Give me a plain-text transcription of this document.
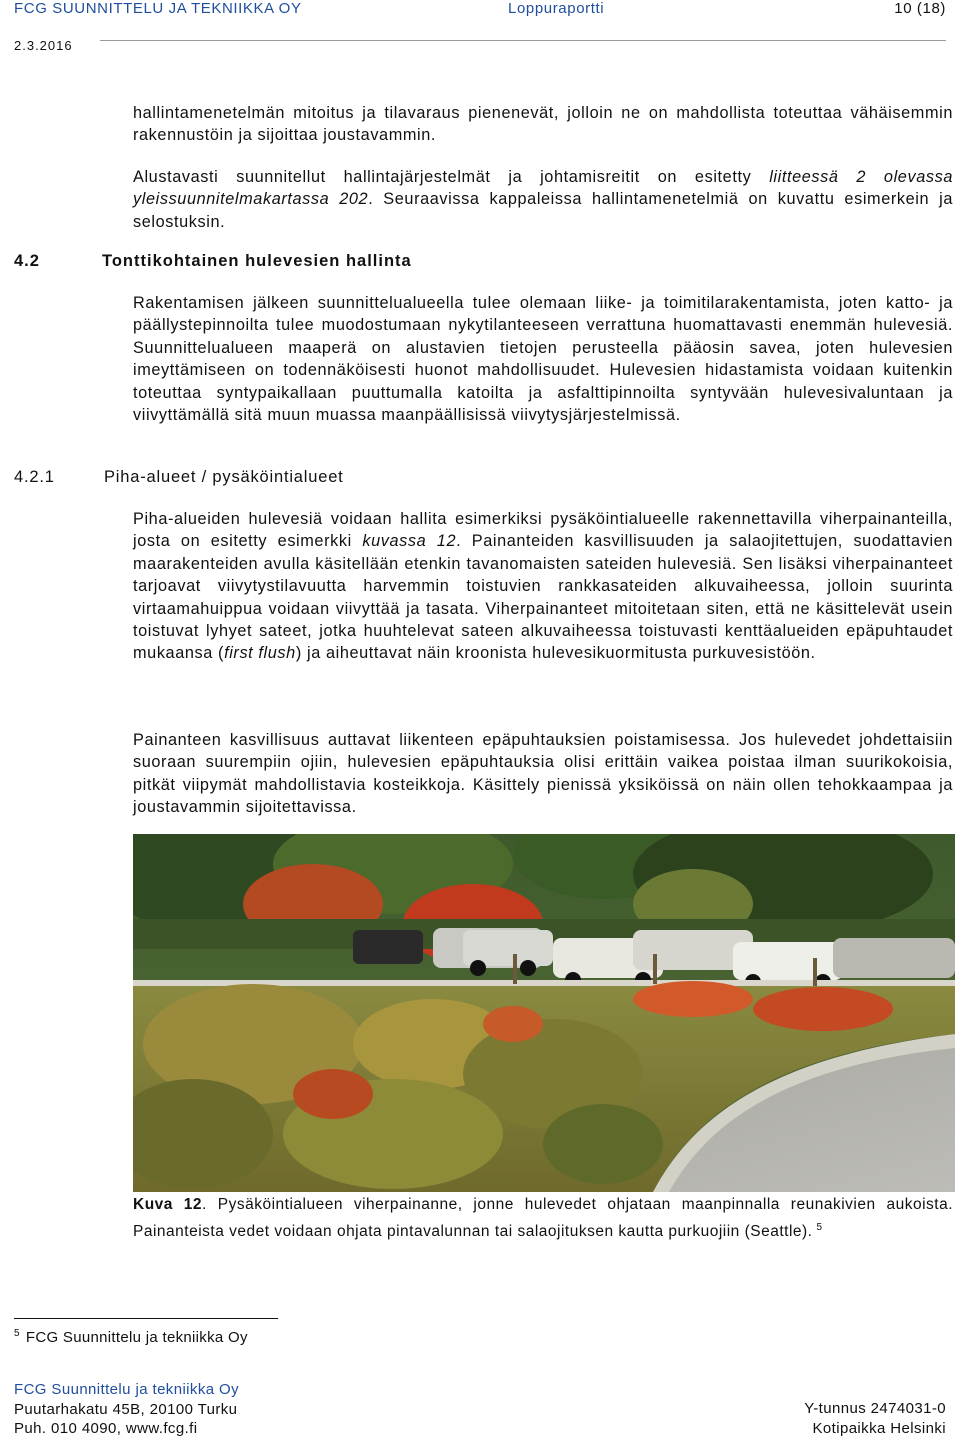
FCG SUUNNITTELU JA TEKNIIKKA OY	Loppuraportti	10 (18)
2.3.2016

hallintamenetelmän mitoitus ja tilavaraus pienenevät, jolloin ne on mahdollista toteuttaa vähäisemmin rakennustöin ja sijoittaa joustavammin.

Alustavasti suunnitellut hallintajärjestelmät ja johtamisreitit on esitetty liitteessä 2 olevassa yleissuunnitelmakartassa 202. Seuraavissa kappaleissa hallintamenetelmiä on kuvattu esimerkein ja selostuksin.

4.2	Tonttikohtainen hulevesien hallinta

Rakentamisen jälkeen suunnittelualueella tulee olemaan liike- ja toimitilarakentamista, joten katto- ja päällystepinnoilta tulee muodostumaan nykytilanteeseen verrattuna huomattavasti enemmän hulevesiä. Suunnittelualueen maaperä on alustavien tietojen perusteella pääosin savea, joten hulevesien imeyttämiseen on todennäköisesti huonot mahdollisuudet. Hulevesien hidastamista voidaan kuitenkin toteuttaa syntypaikallaan puuttumalla katoilta ja asfalttipinnoilta syntyvään hulevesivaluntaan ja viivyttämällä sitä muun muassa maanpäällisissä viivytysjärjestelmissä.

4.2.1	Piha-alueet / pysäköintialueet

Piha-alueiden hulevesiä voidaan hallita esimerkiksi pysäköintialueelle rakennettavilla viherpainanteilla, josta on esitetty esimerkki kuvassa 12. Painanteiden kasvillisuuden ja salaojitettujen, suodattavien maarakenteiden avulla käsitellään etenkin tavanomaisten sateiden hulevesiä. Sen lisäksi viherpainanteet tarjoavat viivytystilavuutta harvemmin toistuvien rankkasateiden alkuvaiheessa, jolloin suurinta virtaamahuippua voidaan viivyttää ja tasata. Viherpainanteet mitoitetaan siten, että ne käsittelevät usein toistuvat lyhyet sateet, jotka huuhtelevat sateen alkuvaiheessa toistuvasti kenttäalueiden epäpuhtaudet mukaansa (first flush) ja aiheuttavat näin kroonista hulevesikuormitusta purkuvesistöön.

Painanteen kasvillisuus auttavat liikenteen epäpuhtauksien poistamisessa. Jos hulevedet johdettaisiin suoraan suurempiin ojiin, hulevesien epäpuhtauksia olisi erittäin vaikea poistaa ilman suurikokoisia, pitkät viipymät mahdollistavia kosteikkoja. Käsittely pienissä yksiköissä on näin ollen tehokkaampaa ja joustavammin sijoitettavissa.

Kuva 12. Pysäköintialueen viherpainanne, jonne hulevedet ohjataan maanpinnalla reunakivien aukoista. Painanteista vedet voidaan ohjata pintavalunnan tai salaojituksen kautta purkuojiin (Seattle). $^5$

$^5$ FCG Suunnittelu ja tekniikka Oy
FCG Suunnittelu ja tekniikka Oy
Puutarhakatu 45B, 20100 Turku
Puh. 010 4090, www.fcg.fi
Y-tunnus 2474031-0
Kotipaikka Helsinki
